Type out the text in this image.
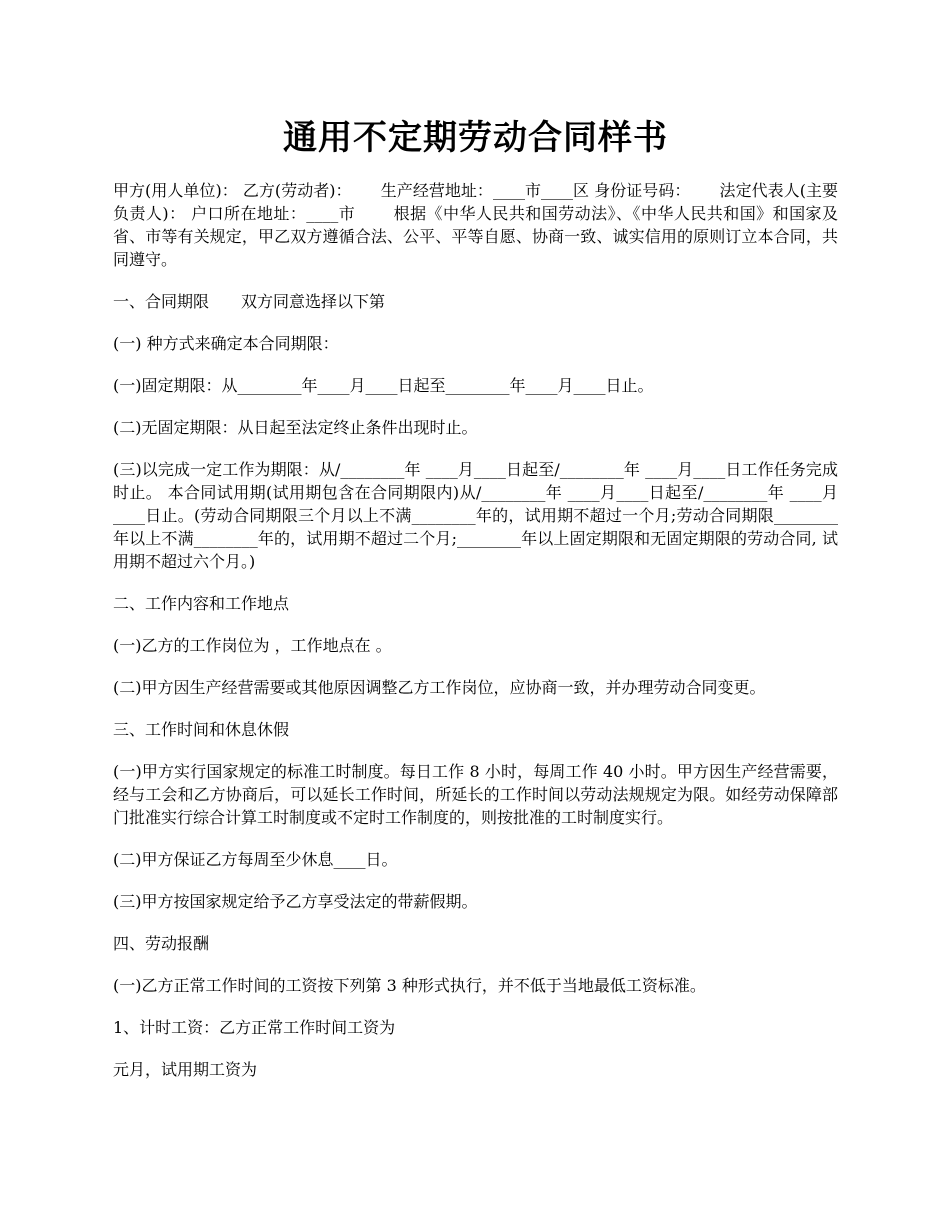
通用不定期劳动合同样书

甲方(用人单位)： 乙方(劳动者)：　　 生产经营地址：____市____区 身份证号码：　　 法定代表人(主要负责人)： 户口所在地址：____市　　 根据《中华人民共和国劳动法》、《中华人民共和国》和国家及省、市等有关规定，甲乙双方遵循合法、公平、平等自愿、协商一致、诚实信用的原则订立本合同，共同遵守。

一、合同期限　　双方同意选择以下第

(一) 种方式来确定本合同期限：

(一)固定期限：从________年____月____日起至________年____月____日止。

(二)无固定期限：从日起至法定终止条件出现时止。

(三)以完成一定工作为期限：从/________年 ____月____日起至/________年 ____月____日工作任务完成时止。 本合同试用期(试用期包含在合同期限内)从/________年 ____月____日起至/________年 ____月____日止。(劳动合同期限三个月以上不满________年的，试用期不超过一个月;劳动合同期限________年以上不满________年的，试用期不超过二个月;________年以上固定期限和无固定期限的劳动合同, 试用期不超过六个月。)

二、工作内容和工作地点

(一)乙方的工作岗位为 ，工作地点在 。

(二)甲方因生产经营需要或其他原因调整乙方工作岗位，应协商一致，并办理劳动合同变更。

三、工作时间和休息休假

(一)甲方实行国家规定的标准工时制度。每日工作 8 小时，每周工作 40 小时。甲方因生产经营需要，经与工会和乙方协商后，可以延长工作时间，所延长的工作时间以劳动法规规定为限。如经劳动保障部门批准实行综合计算工时制度或不定时工作制度的，则按批准的工时制度实行。

(二)甲方保证乙方每周至少休息____日。

(三)甲方按国家规定给予乙方享受法定的带薪假期。

四、劳动报酬

(一)乙方正常工作时间的工资按下列第 3 种形式执行，并不低于当地最低工资标准。

1、计时工资：乙方正常工作时间工资为

元月，试用期工资为
